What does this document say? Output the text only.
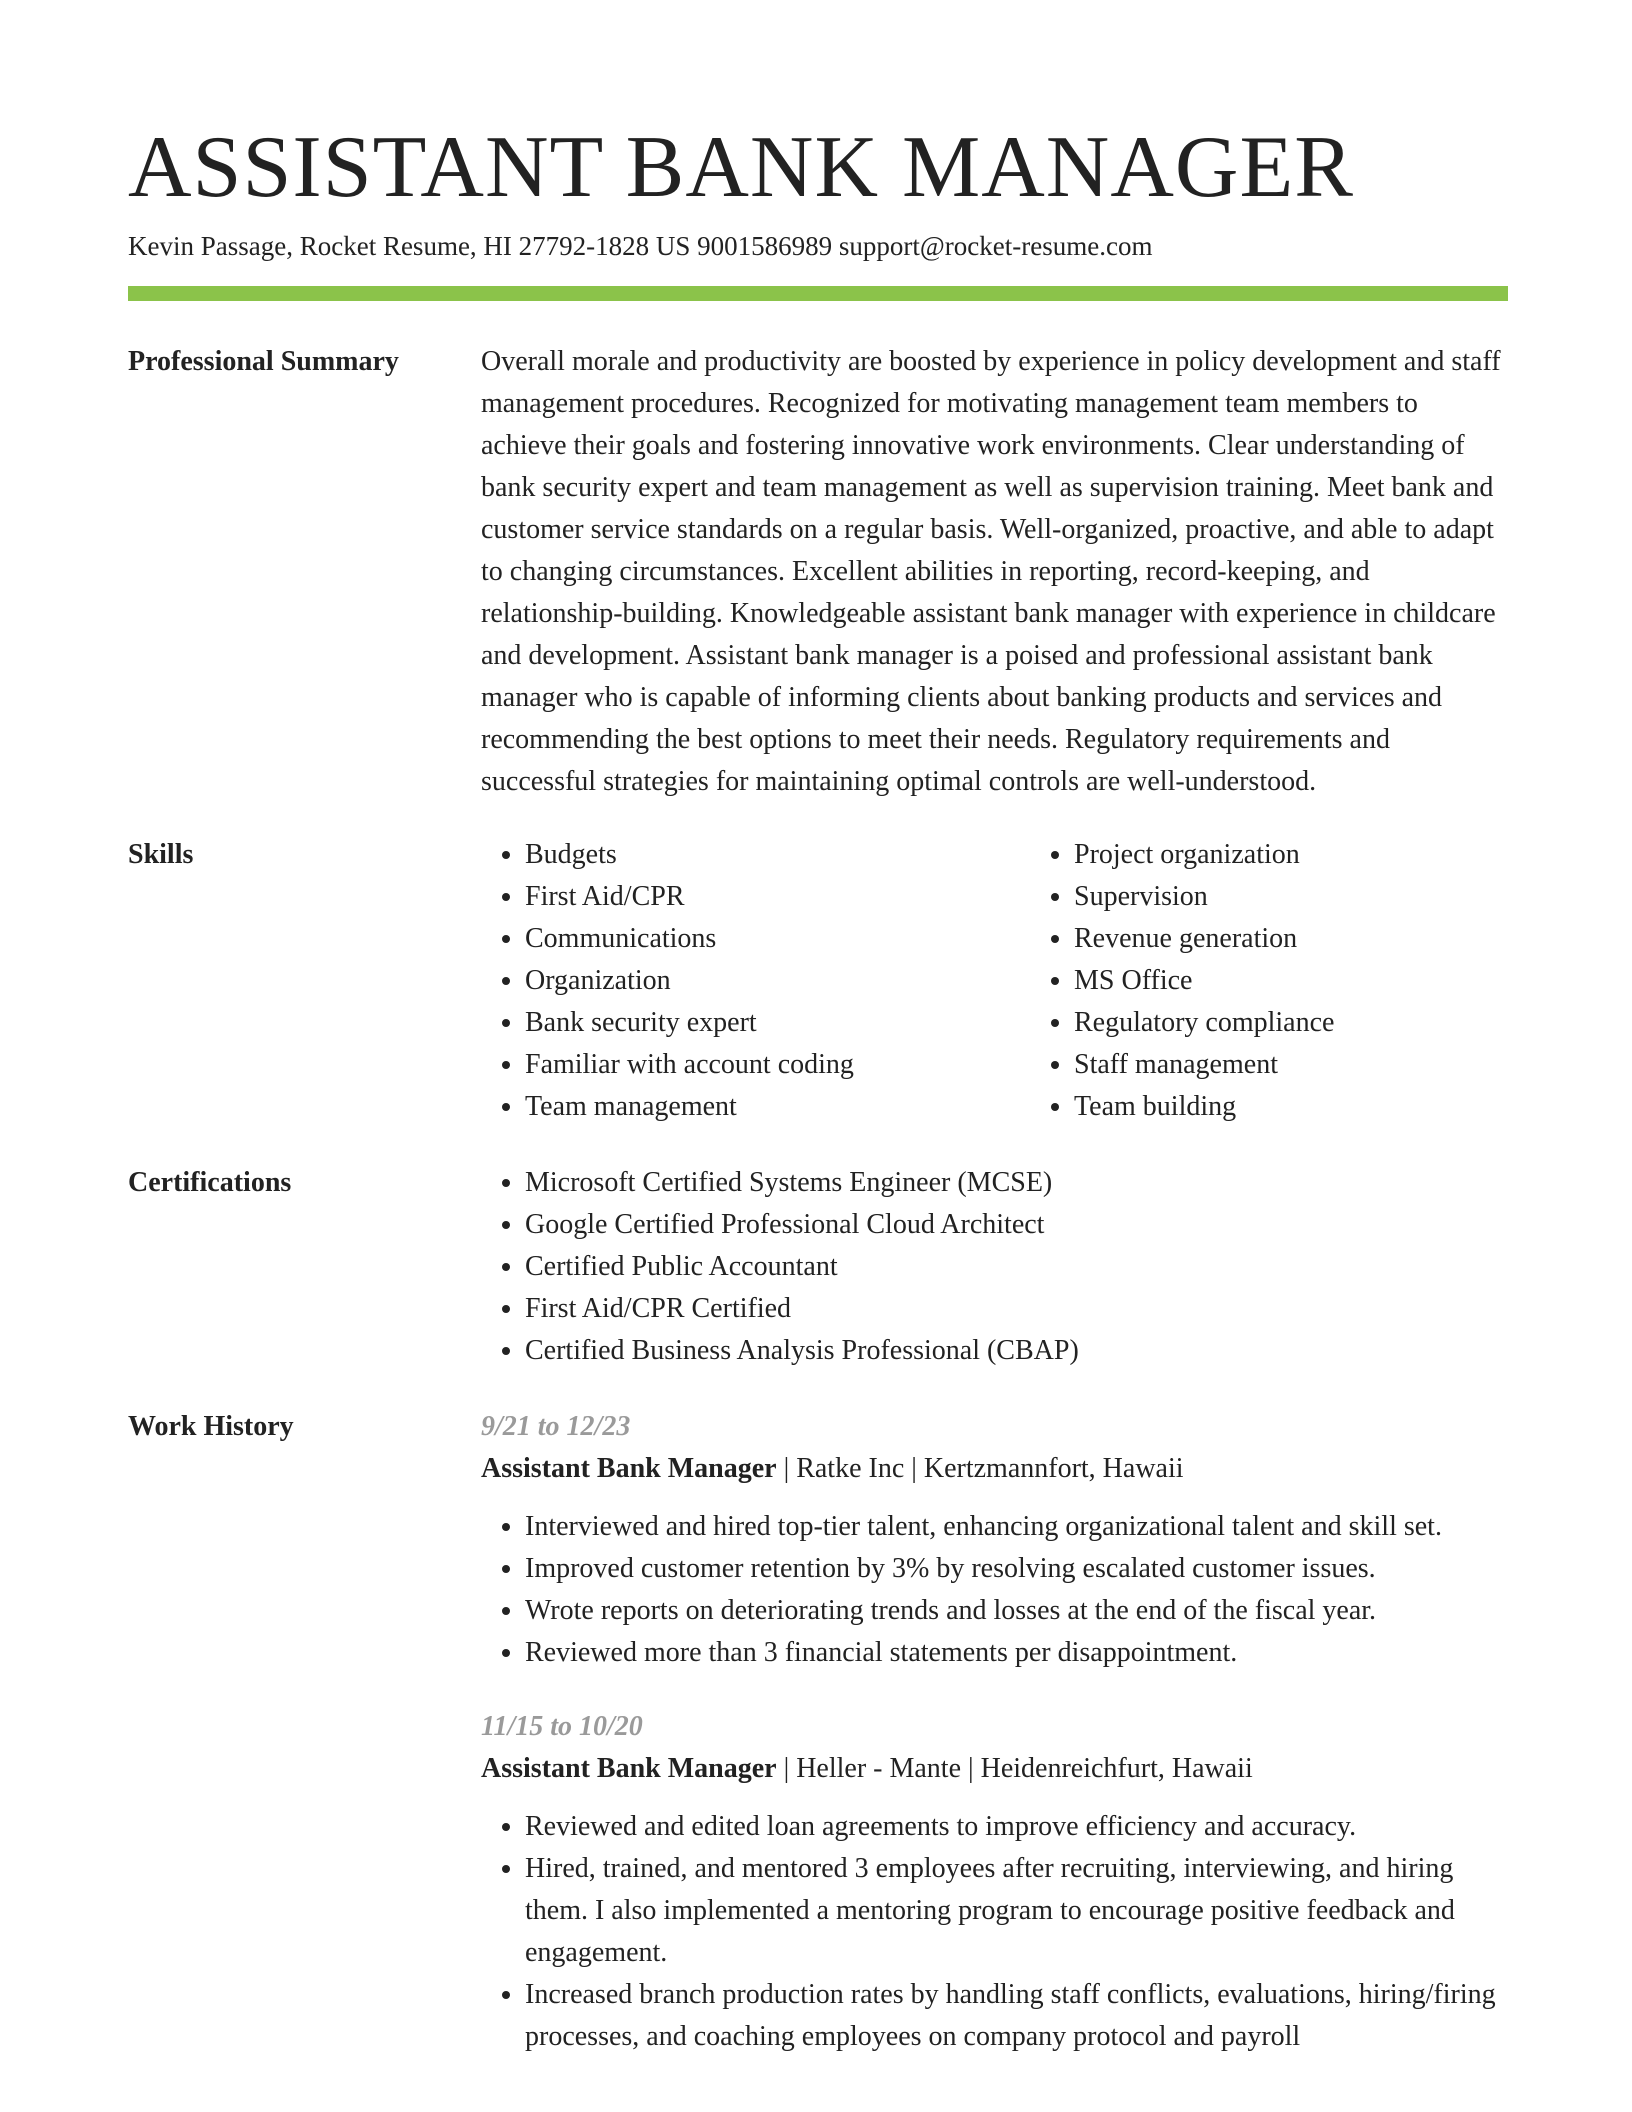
ASSISTANT BANK MANAGER
Kevin Passage, Rocket Resume, HI 27792-1828 US 9001586989 support@rocket-resume.com
Professional Summary	Overall morale and productivity are boosted by experience in policy development and staff management procedures. Recognized for motivating management team members to achieve their goals and fostering innovative work environments. Clear understanding of bank security expert and team management as well as supervision training. Meet bank and customer service standards on a regular basis. Well-organized, proactive, and able to adapt to changing circumstances. Excellent abilities in reporting, record-keeping, and relationship-building. Knowledgeable assistant bank manager with experience in childcare and development. Assistant bank manager is a poised and professional assistant bank manager who is capable of informing clients about banking products and services and recommending the best options to meet their needs. Regulatory requirements and successful strategies for maintaining optimal controls are well-understood.

Skills	• Budgets
• First Aid/CPR
• Communications
• Organization
• Bank security expert
• Familiar with account coding
• Team management
• Project organization
• Supervision
• Revenue generation
• MS Office
• Regulatory compliance
• Staff management
• Team building
Certifications	• Microsoft Certified Systems Engineer (MCSE)
• Google Certified Professional Cloud Architect
• Certified Public Accountant
• First Aid/CPR Certified
• Certified Business Analysis Professional (CBAP)
Work History	9/21 to 12/23
Assistant Bank Manager | Ratke Inc | Kertzmannfort, Hawaii
• Interviewed and hired top-tier talent, enhancing organizational talent and skill set.
• Improved customer retention by 3% by resolving escalated customer issues.
• Wrote reports on deteriorating trends and losses at the end of the fiscal year.
• Reviewed more than 3 financial statements per disappointment.
11/15 to 10/20
Assistant Bank Manager | Heller - Mante | Heidenreichfurt, Hawaii
• Reviewed and edited loan agreements to improve efficiency and accuracy.
• Hired, trained, and mentored 3 employees after recruiting, interviewing, and hiring them. I also implemented a mentoring program to encourage positive feedback and engagement.
• Increased branch production rates by handling staff conflicts, evaluations, hiring/firing processes, and coaching employees on company protocol and payroll
